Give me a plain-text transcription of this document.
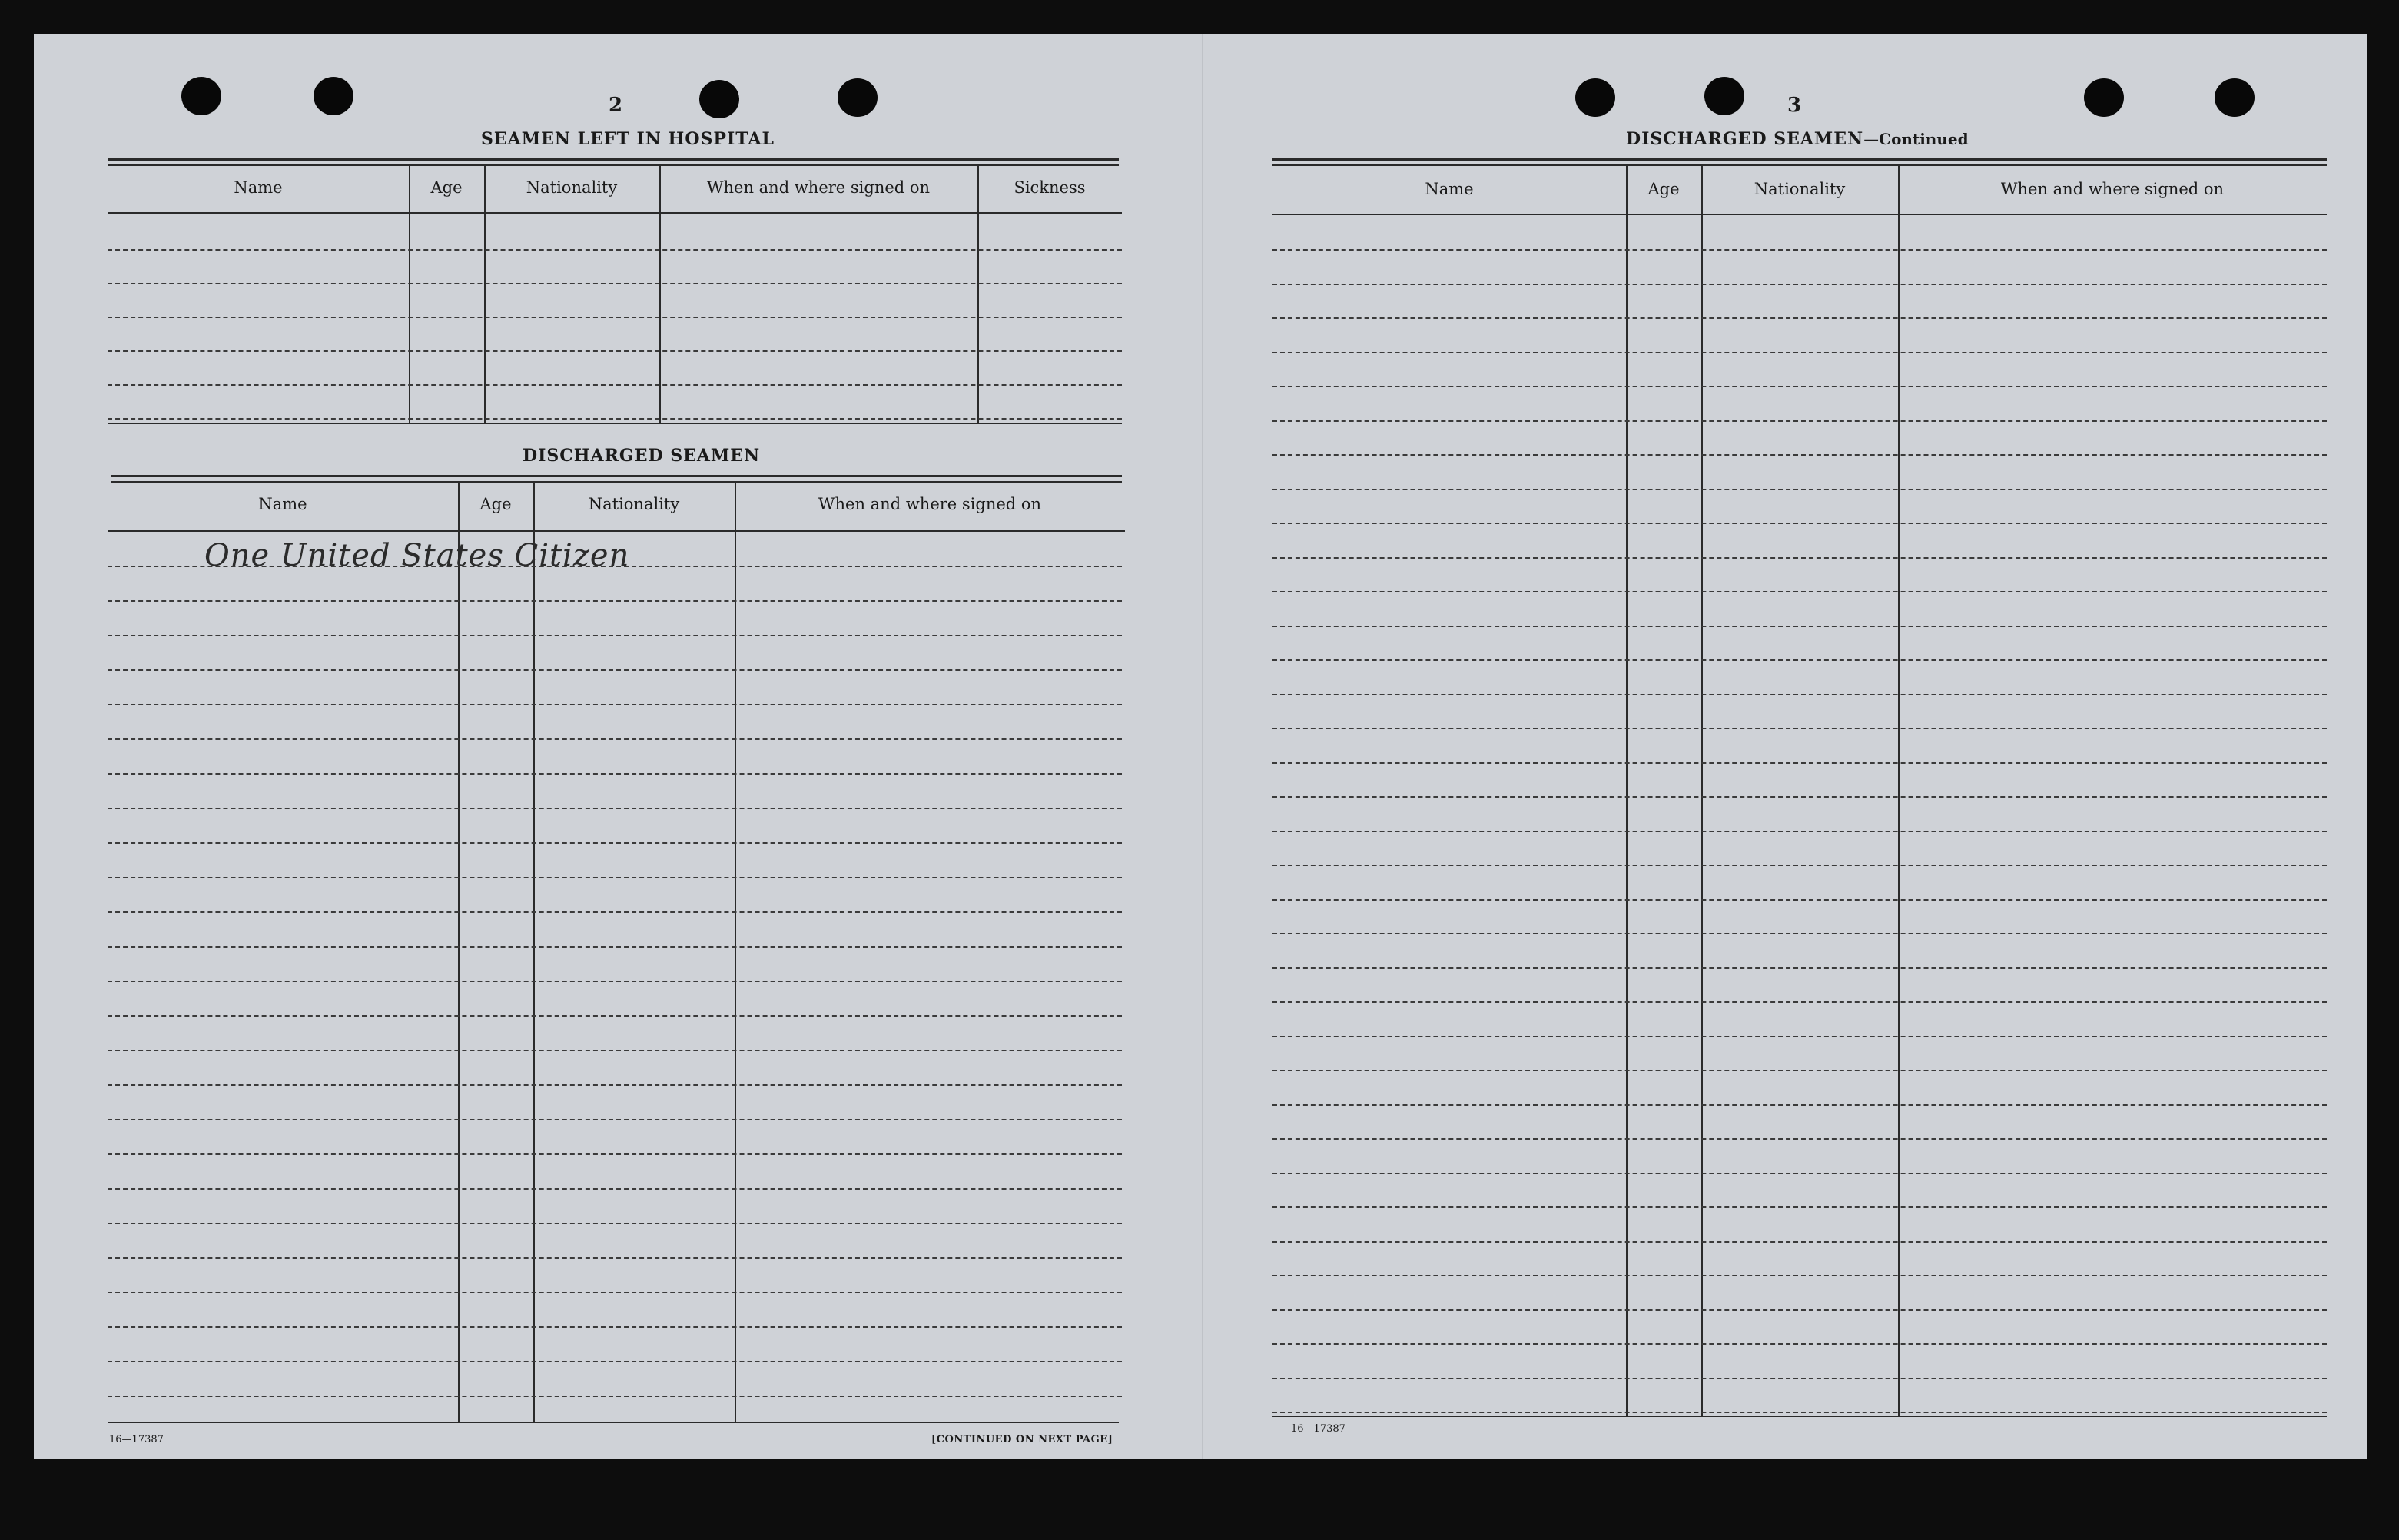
2
SEAMEN LEFT IN HOSPITAL
Name	Age	Nationality	When and where signed on	Sickness
DISCHARGED SEAMEN
Name	Age	Nationality	When and where signed on
One United States Citizen
16—17387	[CONTINUED ON NEXT PAGE]
3
DISCHARGED SEAMEN—Continued
Name	Age	Nationality	When and where signed on
16—17387
